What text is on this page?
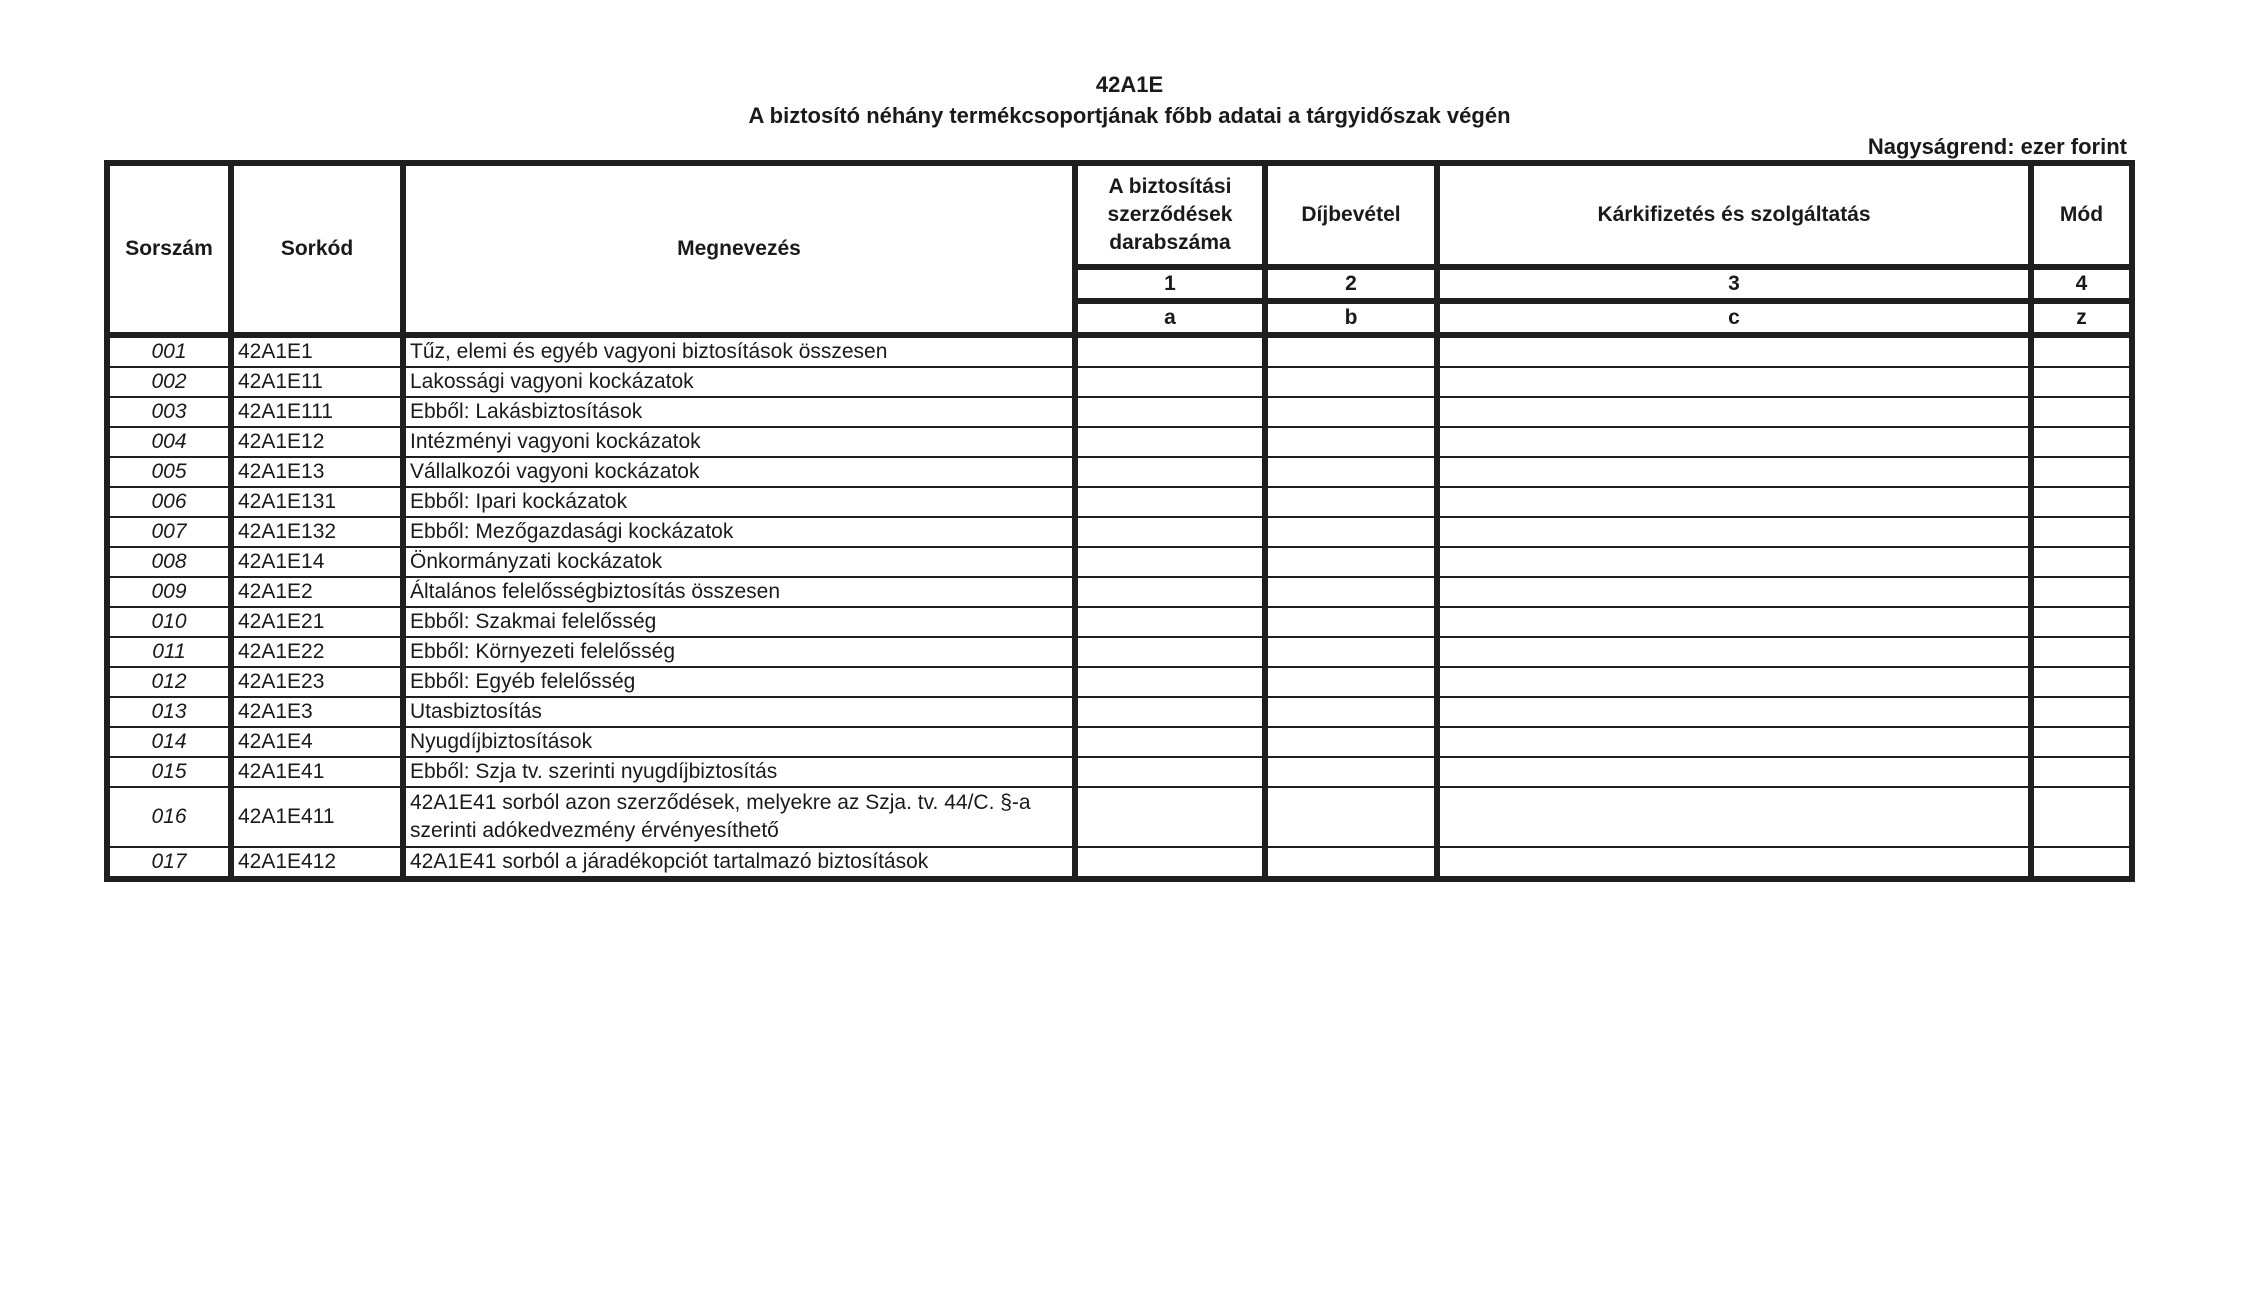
42A1E
A biztosító néhány termékcsoportjának főbb adatai a tárgyidőszak végén
Nagyságrend: ezer forint
Sorszám	Sorkód	Megnevezés	A biztosítási szerződések darabszáma	Díjbevétel	Kárkifizetés és szolgáltatás	Mód
			1	2	3	4
			a	b	c	z
001	42A1E1	Tűz, elemi és egyéb vagyoni biztosítások összesen				
002	42A1E11	Lakossági vagyoni kockázatok				
003	42A1E111	Ebből: Lakásbiztosítások				
004	42A1E12	Intézményi vagyoni kockázatok				
005	42A1E13	Vállalkozói vagyoni kockázatok				
006	42A1E131	Ebből: Ipari kockázatok				
007	42A1E132	Ebből: Mezőgazdasági kockázatok				
008	42A1E14	Önkormányzati kockázatok				
009	42A1E2	Általános felelősségbiztosítás összesen				
010	42A1E21	Ebből: Szakmai felelősség				
011	42A1E22	Ebből: Környezeti felelősség				
012	42A1E23	Ebből: Egyéb felelősség				
013	42A1E3	Utasbiztosítás				
014	42A1E4	Nyugdíjbiztosítások				
015	42A1E41	Ebből: Szja tv. szerinti nyugdíjbiztosítás				
016	42A1E411	42A1E41 sorból azon szerződések, melyekre az Szja. tv. 44/C. §-a szerinti adókedvezmény érvényesíthető				
017	42A1E412	42A1E41 sorból a járadékopciót tartalmazó biztosítások				
